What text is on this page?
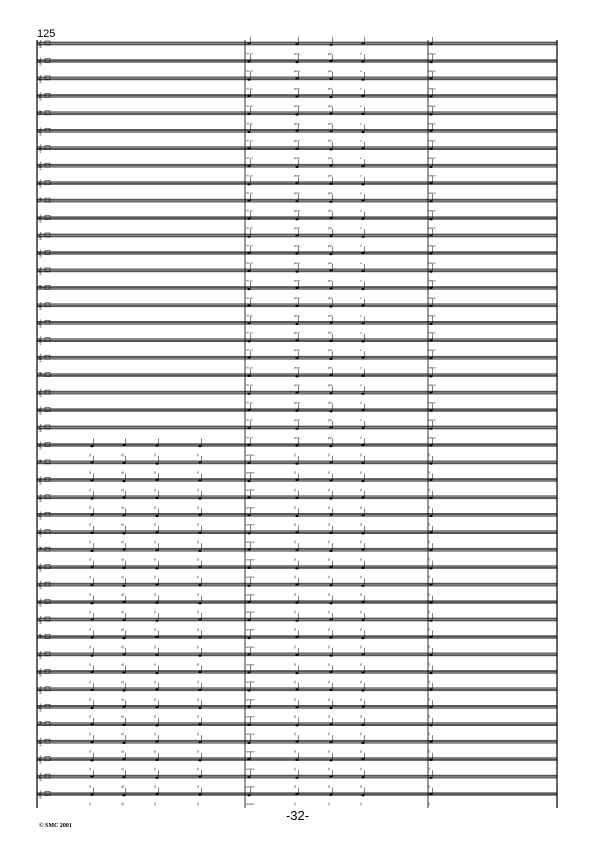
125
𝄞
rit. in	poco	più	a	tempo
𝄞
rit. in	poco	più	a	tempo
𝄞
rit. in	poco	più	a	tempo
𝄞
rit. in	poco	più	a	tempo
𝄢
rit. in	poco	più	a	tempo
𝄞
rit. in	poco	più	a	tempo
𝄞
rit. in	poco	più	a	tempo
𝄞
rit. in	poco	più	a	tempo
𝄞
rit. in	poco	più	a	tempo
𝄢
rit. in	poco	più	a	tempo
𝄞
rit. in	poco	più	a	tempo
𝄞
rit. in	poco	più	a	tempo
𝄞
rit. in	poco	più	a	tempo
𝄞
rit. in	poco	più	a	tempo
𝄢
rit. in	poco	più	a	tempo
𝄞
rit. in	poco	più	a	tempo
𝄞
rit. in	poco	più	a	tempo
𝄞
rit. in	poco	più	a	tempo
𝄞
rit. in	poco	più	a	tempo
𝄢
rit. in	poco	più	a	tempo
𝄞
rit. in	poco	più	a	tempo
𝄞
rit. in	poco	più	a	tempo
𝄞
rit. in	poco	più	a	tempo
𝄞
ff	sff	ff	ff	sempre	ff	ff	ff	ff
𝄢
ff	sff	ff	ff	sempre	ff	ff	ff	ff
𝄞
ff	sff	ff	ff	sempre	ff	ff	ff	ff
𝄞
ff	sff	ff	ff	sempre	ff	ff	ff	ff
𝄞
ff	sff	ff	ff	sempre	ff	ff	ff	ff
𝄞
ff	sff	ff	ff	sempre	ff	ff	ff	ff
𝄢
ff	sff	ff	ff	sempre	ff	ff	ff	ff
𝄞
ff	sff	ff	ff	sempre	ff	ff	ff	ff
𝄞
ff	sff	ff	ff	sempre	ff	ff	ff	ff
𝄞
ff	sff	ff	ff	sempre	ff	ff	ff	ff
𝄞
ff	sff	ff	ff	sempre	ff	ff	ff	ff
𝄢
ff	sff	ff	ff	sempre	ff	ff	ff	ff
𝄞
ff	sff	ff	ff	sempre	ff	ff	ff	ff
𝄞
ff	sff	ff	ff	sempre	ff	ff	ff	ff
𝄞
ff	sff	ff	ff	sempre	ff	ff	ff	ff
𝄞
ff	sff	ff	ff	sempre	ff	ff	ff	ff
𝄢
ff	sff	ff	ff	sempre	ff	ff	ff	ff
𝄞
ff	sff	ff	ff	sempre	ff	ff	ff	ff
𝄞
ff	sff	ff	ff	sempre	ff	ff	ff	ff
𝄞
ff	sff	ff	ff	sempre	ff	ff	ff	ff
𝄞
ff	sff	ff	ff	sempre	ff	ff	ff	ff
-32-
© SMC 2001
